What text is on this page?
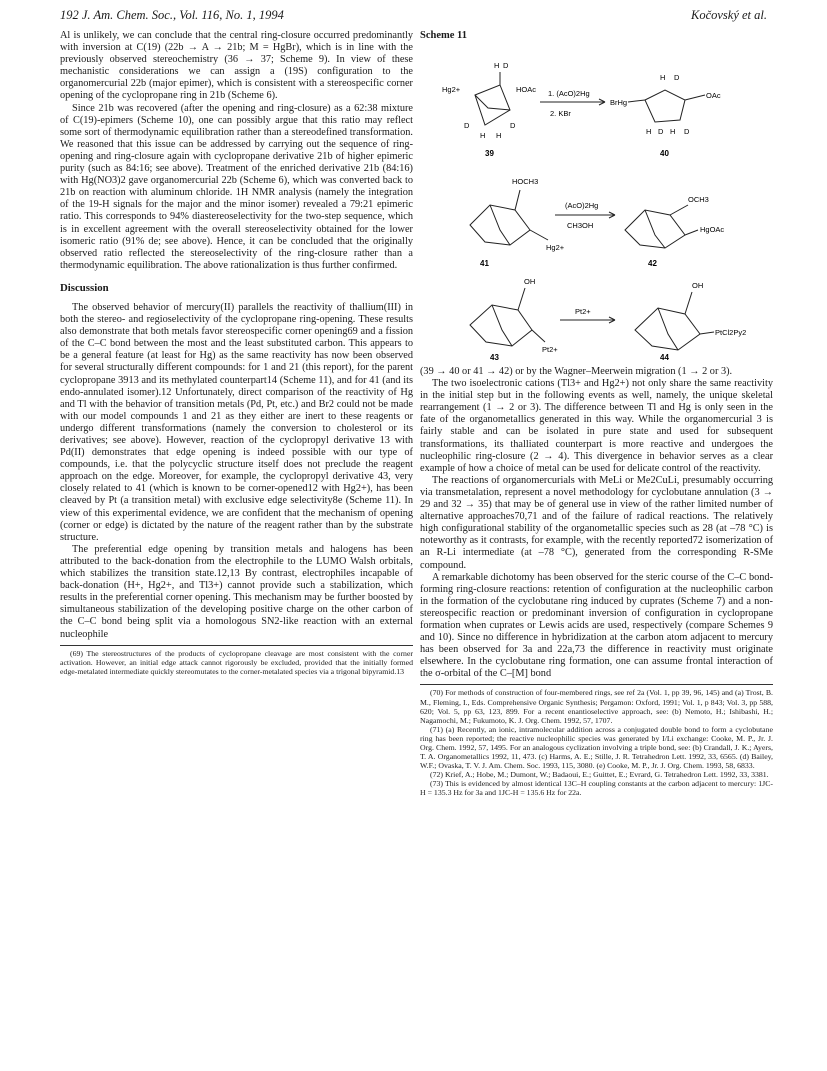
192 J. Am. Chem. Soc., Vol. 116, No. 1, 1994	Kočovský et al.

Al is unlikely, we can conclude that the central ring-closure occurred predominantly with inversion at C(19) (22b → A → 21b; M = HgBr), which is in line with the previously observed stereochemistry (36 → 37; Scheme 9). In view of these mechanistic considerations we can assign a (19S) configuration to the organomercurial 22b (major epimer), which is consistent with a stereospecific corner opening of the cyclopropane ring in 21b (Scheme 6).

Since 21b was recovered (after the opening and ring-closure) as a 62:38 mixture of C(19)-epimers (Scheme 10), one can possibly argue that this ratio may reflect some sort of thermodynamic equilibration rather than a stereodefined transformation. We reasoned that this issue can be addressed by carrying out the sequence of ring-opening and ring-closure again with cyclopropane derivative 21b of higher epimeric purity (such as 84:16; see above). Treatment of the enriched derivative 21b (84:16) with Hg(NO3)2 gave organomercurial 22b (Scheme 6), which was converted back to 21b on reaction with aluminum chloride. 1H NMR analysis (namely the integration of the 19-H signals for the major and the minor isomer) revealed a 79:21 epimeric ratio. This corresponds to 94% diastereoselectivity for the two-step sequence, which is in excellent agreement with the overall stereoselectivity obtained for the lower isomeric ratio (91% de; see above). Hence, it can be concluded that the originally observed ratio reflected the stereoselectivity of the ring-closure rather than a thermodynamic equilibration. The above rationalization is thus further confirmed.

Discussion

The observed behavior of mercury(II) parallels the reactivity of thallium(III) in both the stereo- and regioselectivity of the cyclopropane ring-opening. These results also demonstrate that both metals favor stereospecific corner opening69 and a fission of the C–C bond between the most and the least substituted carbon. This appears to be a general feature (at least for Hg) as the same reactivity has now been observed for several structurally different compounds: for 1 and 21 (this report), for the parent cyclopropane 3913 and its methylated counterpart14 (Scheme 11), and for 41 (and its endo-annulated isomer).12 Unfortunately, direct comparison of the reactivity of Hg and Tl with the behavior of transition metals (Pd, Pt, etc.) and Br2 could not be made with our model compounds 1 and 21 as they either are inert to these reagents or undergo different transformations (namely the conversion to cholesterol or its derivatives; see above). However, reaction of the cyclopropyl derivative 13 with Pd(II) demonstrates that edge opening is indeed possible with our type of compounds, i.e. that the polycyclic structure itself does not preclude the reagent approach on the edge. Moreover, for example, the cyclopropyl derivative 43, very closely related to 41 (which is known to be corner-opened12 with Hg2+), has been cleaved by Pt (a transition metal) with exclusive edge selectivity8e (Scheme 11). In view of this experimental evidence, we are confident that the mechanism of opening (corner or edge) is dictated by the nature of the reagent rather than by the substrate structure.

The preferential edge opening by transition metals and halogens has been attributed to the back-donation from the electrophile to the LUMO Walsh orbitals, which stabilizes the transition state.12,13 By contrast, electrophiles incapable of back-donation (H+, Hg2+, and Tl3+) cannot provide such a stabilization, which results in the preferential corner opening. This mechanism may be further boosted by simultaneous stabilization of the developing positive charge on the other carbon of the C–C bond being split via a homologous SN2-like reaction with an external nucleophile

(69) The stereostructures of the products of cyclopropane cleavage are most consistent with the corner activation. However, an initial edge attack cannot rigorously be excluded, provided that the initially formed edge-metalated intermediate quickly stereomutates to the corner-metalated species via a trigonal bipyramid.13

Scheme 11
H D
Hg2+	HOAc
D	D
H H
39
1. (AcO)2Hg
2. KBr
BrHg
H D
OAc
H D H D
40
HOCH3
Hg2+
41
(AcO)2Hg
CH3OH
OCH3
HgOAc
42
OH
Pt2+
43
Pt2+
OH
PtCl2Py2
44

(39 → 40 or 41 → 42) or by the Wagner–Meerwein migration (1 → 2 or 3).

The two isoelectronic cations (Tl3+ and Hg2+) not only share the same reactivity in the initial step but in the following events as well, namely, the unique skeletal rearrangement (1 → 2 or 3). The difference between Tl and Hg is only seen in the fate of the organometallics generated in this way. While the organomercurial 3 is fairly stable and can be isolated in pure state and used for subsequent transformations, its thalliated counterpart is more reactive and undergoes the nucleophilic ring-closure (2 → 4). This divergence in behavior serves as a clear example of how a choice of metal can be used for delicate control of the reactivity.

The reactions of organomercurials with MeLi or Me2CuLi, presumably occurring via transmetalation, represent a novel methodology for cyclobutane annulation (3 → 29 and 32 → 35) that may be of general use in view of the rather limited number of alternative approaches70,71 and of the failure of radical reactions. The relatively high configurational stability of the organometallic species such as 28 (at –78 °C) is noteworthy as it contrasts, for example, with the recently reported72 isomerization of an R-Li intermediate (at –78 °C), generated from the corresponding R-SMe compound.

A remarkable dichotomy has been observed for the steric course of the C–C bond-forming ring-closure reactions: retention of configuration at the nucleophilic carbon in the formation of the cyclobutane ring induced by cuprates (Scheme 7) and a non-stereospecific reaction or predominant inversion of configuration in cyclopropane formation when cuprates or Lewis acids are used, respectively (compare Schemes 9 and 10). Since no difference in hybridization at the carbon atom adjacent to mercury has been observed for 3a and 22a,73 the difference in reactivity must originate elsewhere. In the cyclobutane ring formation, one can assume frontal interaction of the σ-orbital of the C–[M] bond

(70) For methods of construction of four-membered rings, see ref 2a (Vol. 1, pp 39, 96, 145) and (a) Trost, B. M., Fleming, I., Eds. Comprehensive Organic Synthesis; Pergamon: Oxford, 1991; Vol. 1, p 843; Vol. 3, pp 588, 620; Vol. 5, pp 63, 123, 899. For a recent enantioselective approach, see: (b) Nemoto, H.; Ishibashi, H.; Nagamochi, M.; Fukumoto, K. J. Org. Chem. 1992, 57, 1707.

(71) (a) Recently, an ionic, intramolecular addition across a conjugated double bond to form a cyclobutane ring has been reported; the reactive nucleophilic species was generated by I/Li exchange: Cooke, M. P., Jr. J. Org. Chem. 1992, 57, 1495. For an analogous cyclization involving a triple bond, see: (b) Crandall, J. K.; Ayers, T. A. Organometallics 1992, 11, 473. (c) Harms, A. E.; Stille, J. R. Tetrahedron Lett. 1992, 33, 6565. (d) Bailey, W.F.; Ovaska, T. V. J. Am. Chem. Soc. 1993, 115, 3080. (e) Cooke, M. P., Jr. J. Org. Chem. 1993, 58, 6833.

(72) Krief, A.; Hobe, M.; Dumont, W.; Badaoui, E.; Guittet, E.; Evrard, G. Tetrahedron Lett. 1992, 33, 3381.

(73) This is evidenced by almost identical 13C–H coupling constants at the carbon adjacent to mercury: 1JC-H = 135.3 Hz for 3a and 1JC-H = 135.6 Hz for 22a.
